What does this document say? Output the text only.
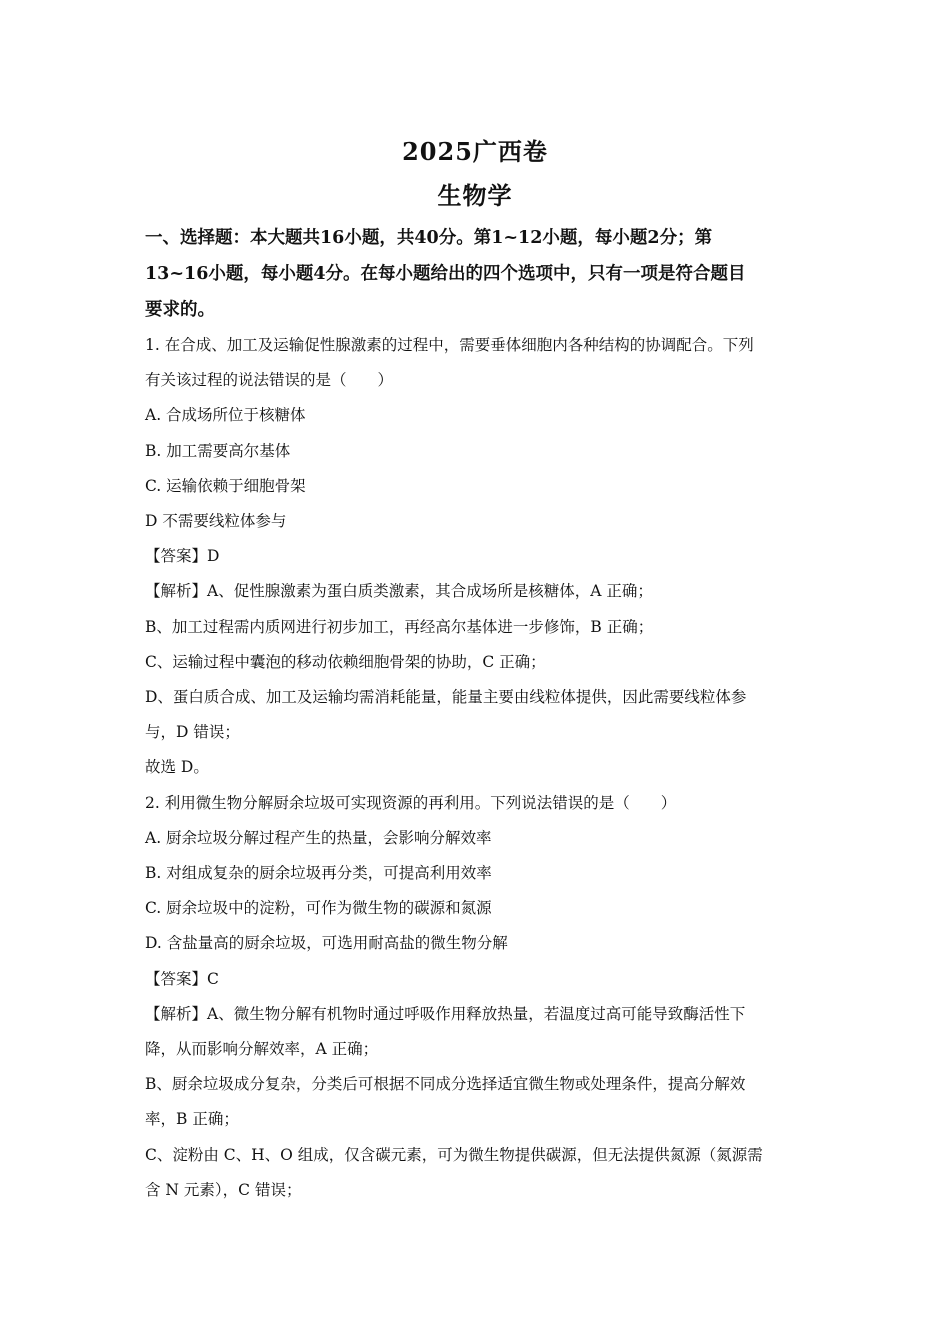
2025广西卷
生物学

一、选择题：本大题共16小题，共40分。第1~12小题，每小题2分；第

13~16小题，每小题4分。在每小题给出的四个选项中，只有一项是符合题目

要求的。

1. 在合成、加工及运输促性腺激素的过程中，需要垂体细胞内各种结构的协调配合。下列

有关该过程的说法错误的是（　　）

A. 合成场所位于核糖体

B. 加工需要高尔基体

C. 运输依赖于细胞骨架

D 不需要线粒体参与

【答案】D

【解析】A、促性腺激素为蛋白质类激素，其合成场所是核糖体，A 正确；

B、加工过程需内质网进行初步加工，再经高尔基体进一步修饰，B 正确；

C、运输过程中囊泡的移动依赖细胞骨架的协助，C 正确；

D、蛋白质合成、加工及运输均需消耗能量，能量主要由线粒体提供，因此需要线粒体参

与，D 错误；

故选 D。

2. 利用微生物分解厨余垃圾可实现资源的再利用。下列说法错误的是（　　）

A. 厨余垃圾分解过程产生的热量，会影响分解效率

B. 对组成复杂的厨余垃圾再分类，可提高利用效率

C. 厨余垃圾中的淀粉，可作为微生物的碳源和氮源

D. 含盐量高的厨余垃圾，可选用耐高盐的微生物分解

【答案】C

【解析】A、微生物分解有机物时通过呼吸作用释放热量，若温度过高可能导致酶活性下

降，从而影响分解效率，A 正确；

B、厨余垃圾成分复杂，分类后可根据不同成分选择适宜微生物或处理条件，提高分解效

率，B 正确；

C、淀粉由 C、H、O 组成，仅含碳元素，可为微生物提供碳源，但无法提供氮源（氮源需

含 N 元素），C 错误；
